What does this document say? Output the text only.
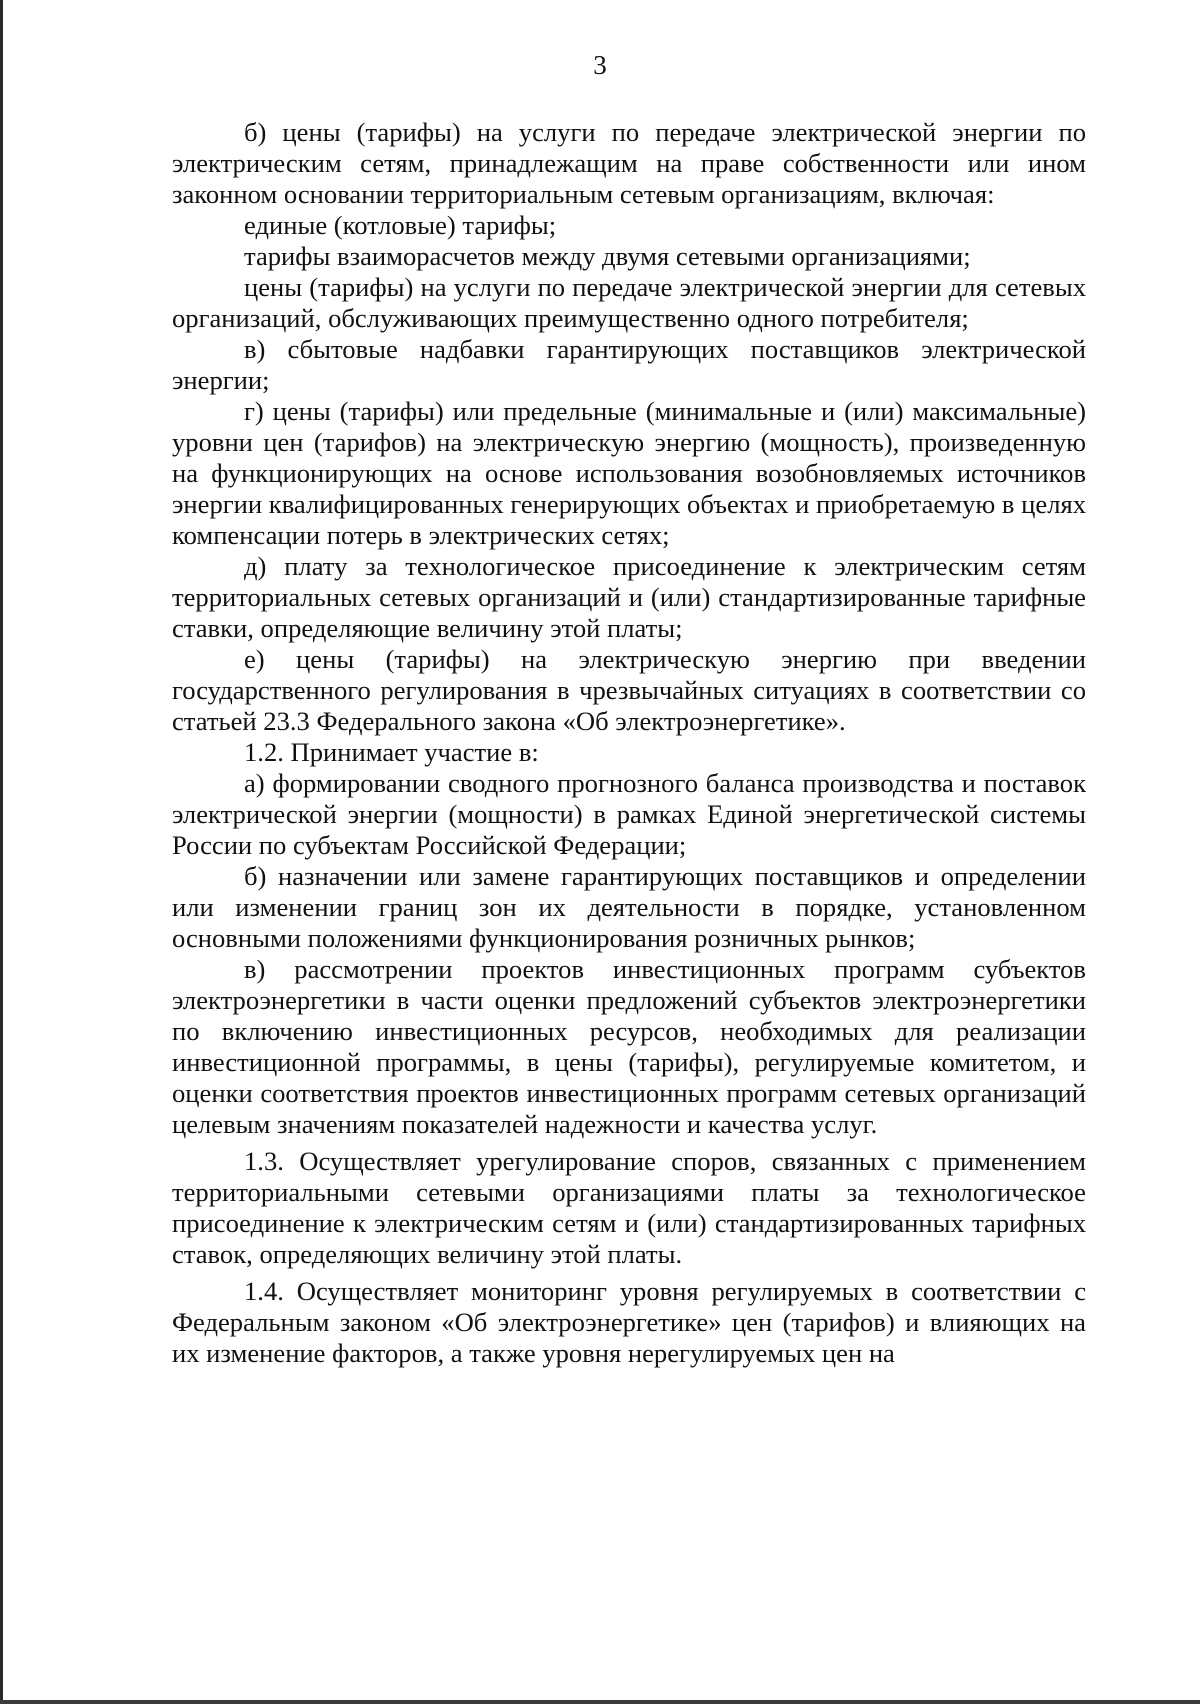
3

б) цены (тарифы) на услуги по передаче электрической энергии по электрическим сетям, принадлежащим на праве собственности или ином законном основании территориальным сетевым организациям, включая:

единые (котловые) тарифы;

тарифы взаиморасчетов между двумя сетевыми организациями;

цены (тарифы) на услуги по передаче электрической энергии для сетевых организаций, обслуживающих преимущественно одного потребителя;

в) сбытовые надбавки гарантирующих поставщиков электрической энергии;

г) цены (тарифы) или предельные (минимальные и (или) максимальные) уровни цен (тарифов) на электрическую энергию (мощность), произведенную на функционирующих на основе использования возобновляемых источников энергии квалифицированных генерирующих объектах и приобретаемую в целях компенсации потерь в электрических сетях;

д) плату за технологическое присоединение к электрическим сетям территориальных сетевых организаций и (или) стандартизированные тарифные ставки, определяющие величину этой платы;

е) цены (тарифы) на электрическую энергию при введении государственного регулирования в чрезвычайных ситуациях в соответствии со статьей 23.3 Федерального закона «Об электроэнергетике».

1.2. Принимает участие в:

а) формировании сводного прогнозного баланса производства и поставок электрической энергии (мощности) в рамках Единой энергетической системы России по субъектам Российской Федерации;

б) назначении или замене гарантирующих поставщиков и определении или изменении границ зон их деятельности в порядке, установленном основными положениями функционирования розничных рынков;

в) рассмотрении проектов инвестиционных программ субъектов электроэнергетики в части оценки предложений субъектов электроэнергетики по включению инвестиционных ресурсов, необходимых для реализации инвестиционной программы, в цены (тарифы), регулируемые комитетом, и оценки соответствия проектов инвестиционных программ сетевых организаций целевым значениям показателей надежности и качества услуг.

1.3. Осуществляет урегулирование споров, связанных с применением территориальными сетевыми организациями платы за технологическое присоединение к электрическим сетям и (или) стандартизированных тарифных ставок, определяющих величину этой платы.

1.4. Осуществляет мониторинг уровня регулируемых в соответствии с Федеральным законом «Об электроэнергетике» цен (тарифов) и влияющих на их изменение факторов, а также уровня нерегулируемых цен на
